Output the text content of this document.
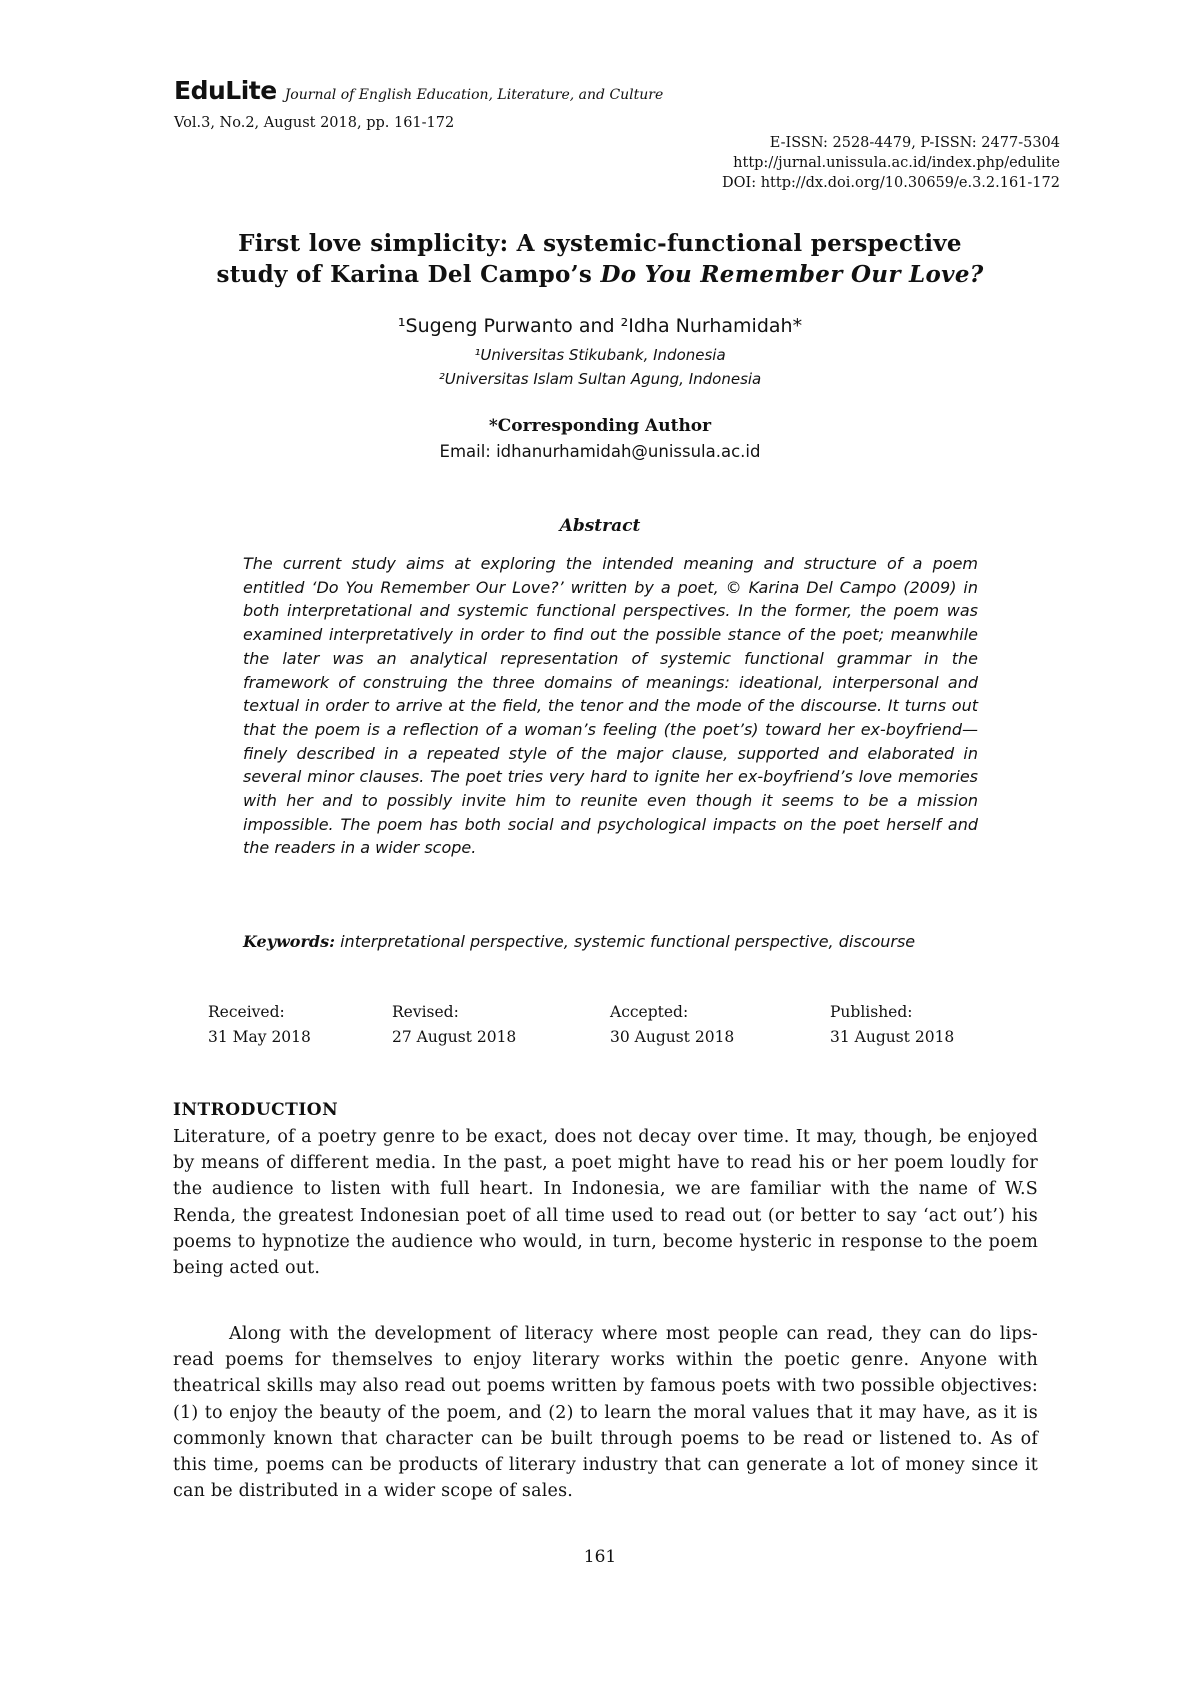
EduLite Journal of English Education, Literature, and Culture
Vol.3, No.2, August 2018, pp. 161-172
E-ISSN: 2528-4479, P-ISSN: 2477-5304
http://jurnal.unissula.ac.id/index.php/edulite
DOI: http://dx.doi.org/10.30659/e.3.2.161-172
First love simplicity: A systemic-functional perspective
study of Karina Del Campo’s Do You Remember Our Love?
¹Sugeng Purwanto and ²Idha Nurhamidah*
¹Universitas Stikubank, Indonesia
²Universitas Islam Sultan Agung, Indonesia
*Corresponding Author
Email: idhanurhamidah@unissula.ac.id
Abstract
The current study aims at exploring the intended meaning and structure of a poem entitled ‘Do You Remember Our Love?’ written by a poet, © Karina Del Campo (2009) in both interpretational and systemic functional perspectives. In the former, the poem was examined interpretatively in order to find out the possible stance of the poet; meanwhile the later was an analytical representation of systemic functional grammar in the framework of construing the three domains of meanings: ideational, interpersonal and textual in order to arrive at the field, the tenor and the mode of the discourse. It turns out that the poem is a reflection of a woman’s feeling (the poet’s) toward her ex-boyfriend—finely described in a repeated style of the major clause, supported and elaborated in several minor clauses. The poet tries very hard to ignite her ex-boyfriend’s love memories with her and to possibly invite him to reunite even though it seems to be a mission impossible. The poem has both social and psychological impacts on the poet herself and the readers in a wider scope.
Keywords: interpretational perspective, systemic functional perspective, discourse
Received:
31 May 2018
Revised:
27 August 2018
Accepted:
30 August 2018
Published:
31 August 2018
INTRODUCTION
Literature, of a poetry genre to be exact, does not decay over time. It may, though, be enjoyed by means of different media. In the past, a poet might have to read his or her poem loudly for the audience to listen with full heart. In Indonesia, we are familiar with the name of W.S Renda, the greatest Indonesian poet of all time used to read out (or better to say ‘act out’) his poems to hypnotize the audience who would, in turn, become hysteric in response to the poem being acted out.
Along with the development of literacy where most people can read, they can do lips-read poems for themselves to enjoy literary works within the poetic genre. Anyone with theatrical skills may also read out poems written by famous poets with two possible objectives: (1) to enjoy the beauty of the poem, and (2) to learn the moral values that it may have, as it is commonly known that character can be built through poems to be read or listened to. As of this time, poems can be products of literary industry that can generate a lot of money since it can be distributed in a wider scope of sales.
161
